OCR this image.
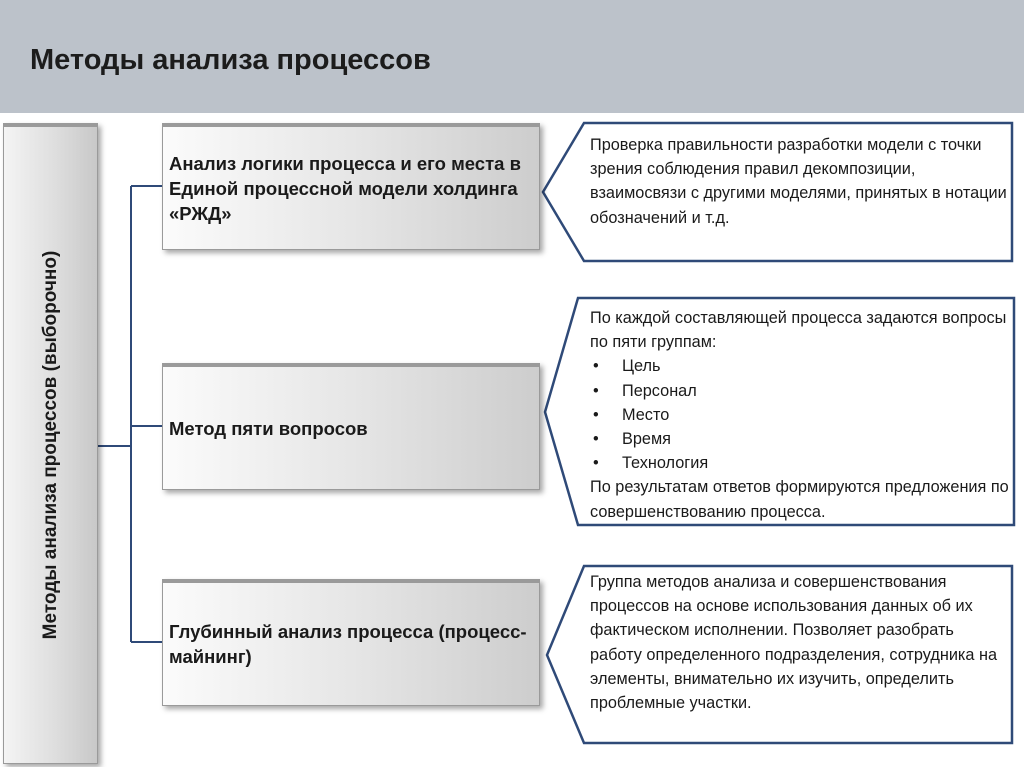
Методы анализа процессов
Методы анализа процессов (выборочно)
Анализ логики процесса и его места в Единой процессной модели холдинга «РЖД»
Метод пяти вопросов
Глубинный анализ процесса (процесс-майнинг)
Проверка правильности разработки модели с точки зрения соблюдения правил декомпозиции, взаимосвязи с другими моделями, принятых в нотации обозначений и т.д.
По каждой составляющей процесса задаются вопросы по пяти группам:
• Цель
• Персонал
• Место
• Время
• Технология
По результатам ответов формируются предложения по совершенствованию процесса.
Группа методов анализа и совершенствования процессов на основе использования данных об их фактическом исполнении. Позволяет разобрать работу определенного подразделения, сотрудника на элементы, внимательно их изучить, определить проблемные участки.
